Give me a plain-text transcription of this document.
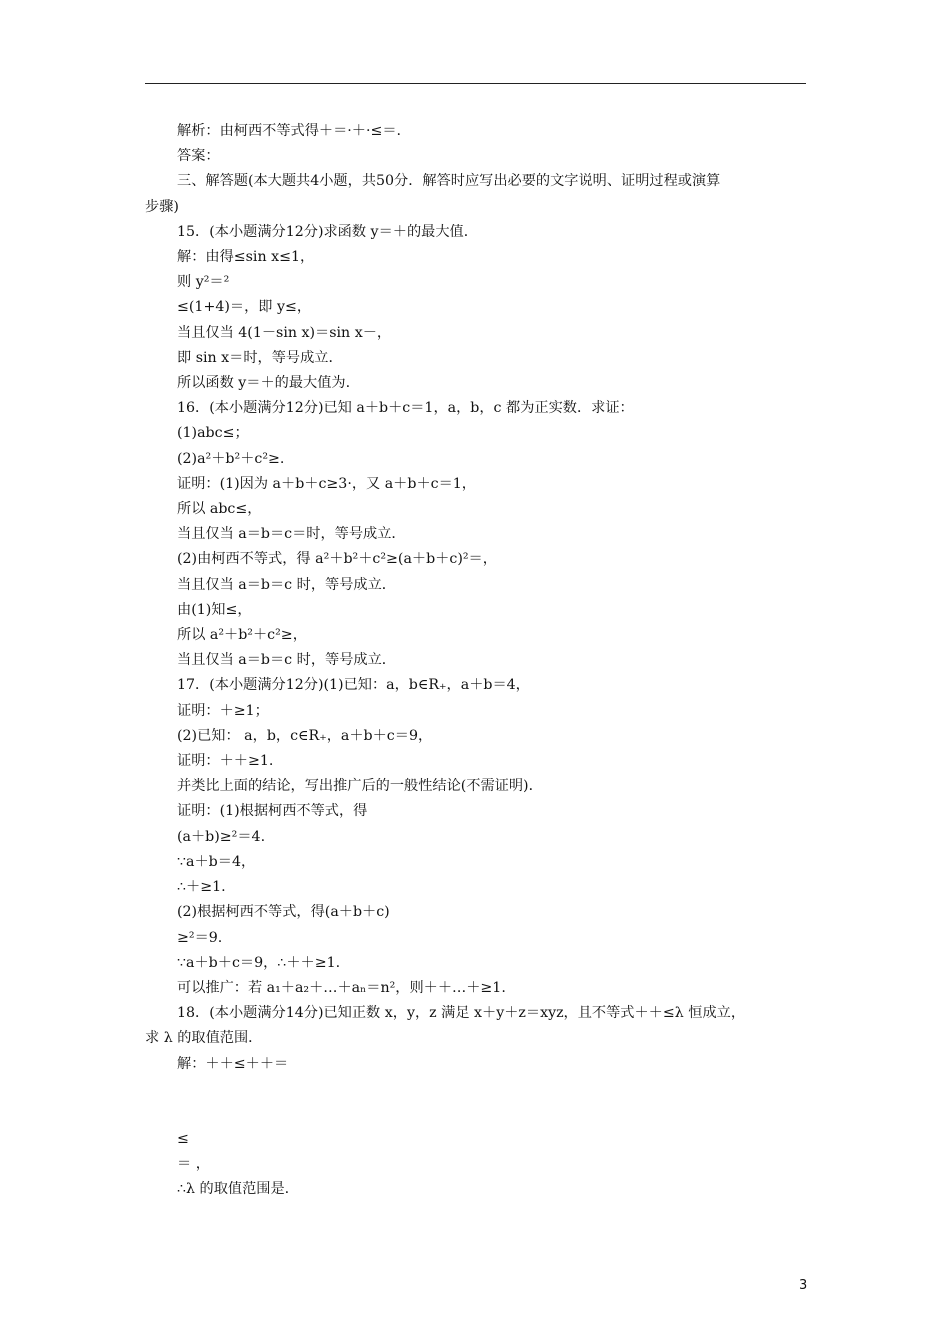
解析：由柯西不等式得＋＝·＋·≤＝.
答案：
三、解答题(本大题共4小题，共50分．解答时应写出必要的文字说明、证明过程或演算
步骤)
15．(本小题满分12分)求函数 y＝＋的最大值．
解：由得≤sin x≤1，
则 y²＝²
≤(1+4)＝，即 y≤，
当且仅当 4(1－sin x)＝sin x－，
即 sin x＝时，等号成立．
所以函数 y＝＋的最大值为.
16．(本小题满分12分)已知 a＋b＋c＝1，a，b，c 都为正实数．求证：
(1)abc≤；
(2)a²＋b²＋c²≥.
证明：(1)因为 a＋b＋c≥3·，又 a＋b＋c＝1，
所以 abc≤，
当且仅当 a＝b＝c＝时，等号成立．
(2)由柯西不等式，得 a²＋b²＋c²≥(a＋b＋c)²＝，
当且仅当 a＝b＝c 时，等号成立．
由(1)知≤，
所以 a²＋b²＋c²≥，
当且仅当 a＝b＝c 时，等号成立．
17．(本小题满分12分)(1)已知：a，b∈R₊，a＋b＝4，
证明：＋≥1；
(2)已知： a，b，c∈R₊，a＋b＋c＝9，
证明：＋＋≥1.
并类比上面的结论，写出推广后的一般性结论(不需证明)．
证明：(1)根据柯西不等式，得
(a＋b)≥²＝4.
∵a＋b＝4，
∴＋≥1.
(2)根据柯西不等式，得(a＋b＋c)
≥²＝9.
∵a＋b＋c＝9，∴＋＋≥1.
可以推广：若 a₁＋a₂＋…＋aₙ＝n²，则＋＋…＋≥1.
18．(本小题满分14分)已知正数 x，y，z 满足 x＋y＋z＝xyz，且不等式＋＋≤λ 恒成立，
求 λ 的取值范围．
解：＋＋≤＋＋＝
≤
＝ ，
∴λ 的取值范围是.
3
